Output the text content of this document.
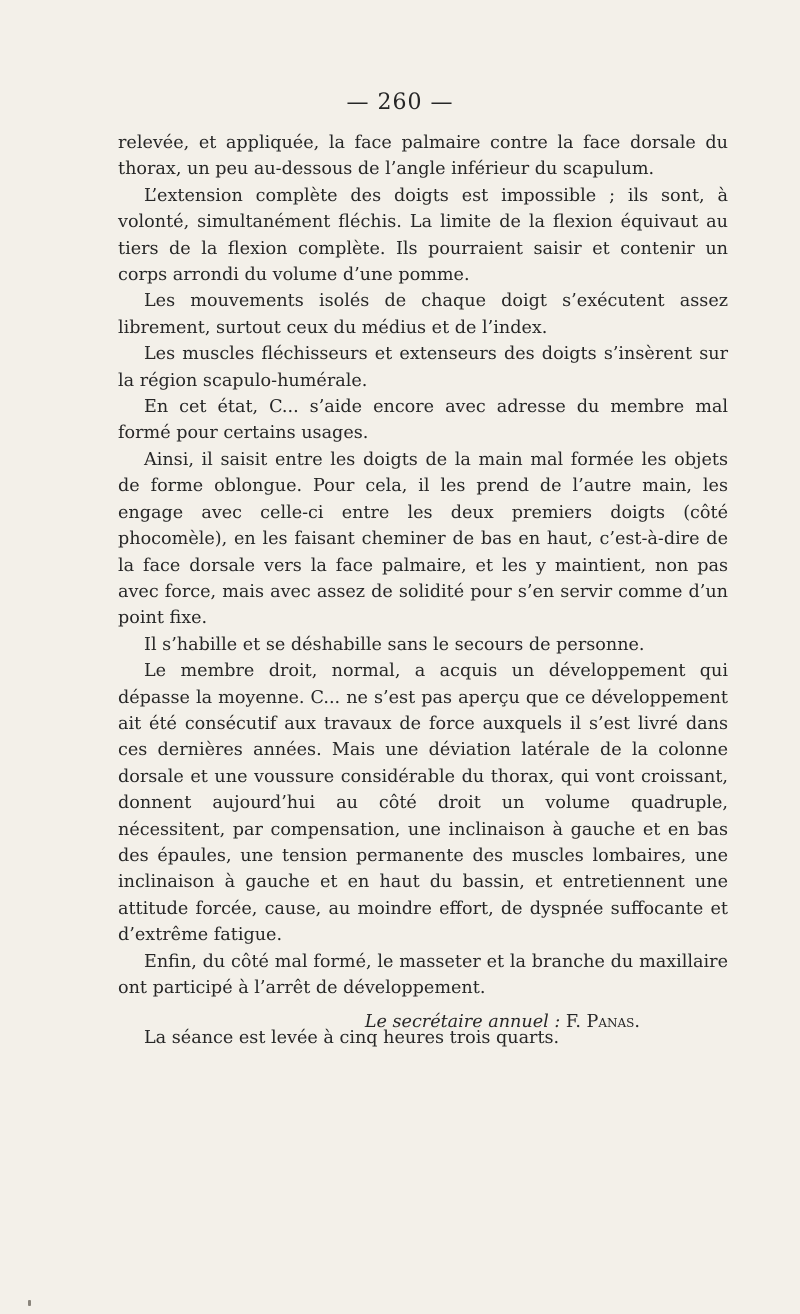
— 260 —

relevée, et appliquée, la face palmaire contre la face dorsale du thorax, un peu au-dessous de l’angle inférieur du scapulum.

L’extension complète des doigts est impossible ; ils sont, à volonté, simultanément fléchis. La limite de la flexion équivaut au tiers de la flexion complète. Ils pourraient saisir et contenir un corps arrondi du volume d’une pomme.

Les mouvements isolés de chaque doigt s’exécutent assez librement, surtout ceux du médius et de l’index.

Les muscles fléchisseurs et extenseurs des doigts s’insèrent sur la région scapulo-humérale.

En cet état, C... s’aide encore avec adresse du membre mal formé pour certains usages.

Ainsi, il saisit entre les doigts de la main mal formée les objets de forme oblongue. Pour cela, il les prend de l’autre main, les engage avec celle-ci entre les deux premiers doigts (côté phocomèle), en les faisant cheminer de bas en haut, c’est-à-dire de la face dorsale vers la face palmaire, et les y maintient, non pas avec force, mais avec assez de solidité pour s’en servir comme d’un point fixe.

Il s’habille et se déshabille sans le secours de personne.

Le membre droit, normal, a acquis un développement qui dépasse la moyenne. C... ne s’est pas aperçu que ce développement ait été consécutif aux travaux de force auxquels il s’est livré dans ces dernières années. Mais une déviation latérale de la colonne dorsale et une voussure considérable du thorax, qui vont croissant, donnent aujourd’hui au côté droit un volume quadruple, nécessitent, par compensation, une inclinaison à gauche et en bas des épaules, une tension permanente des muscles lombaires, une inclinaison à gauche et en haut du bassin, et entretiennent une attitude forcée, cause, au moindre effort, de dyspnée suffocante et d’extrême fatigue.

Enfin, du côté mal formé, le masseter et la branche du maxillaire ont participé à l’arrêt de développement.

La séance est levée à cinq heures trois quarts.

Le secrétaire annuel : F. Panas.
